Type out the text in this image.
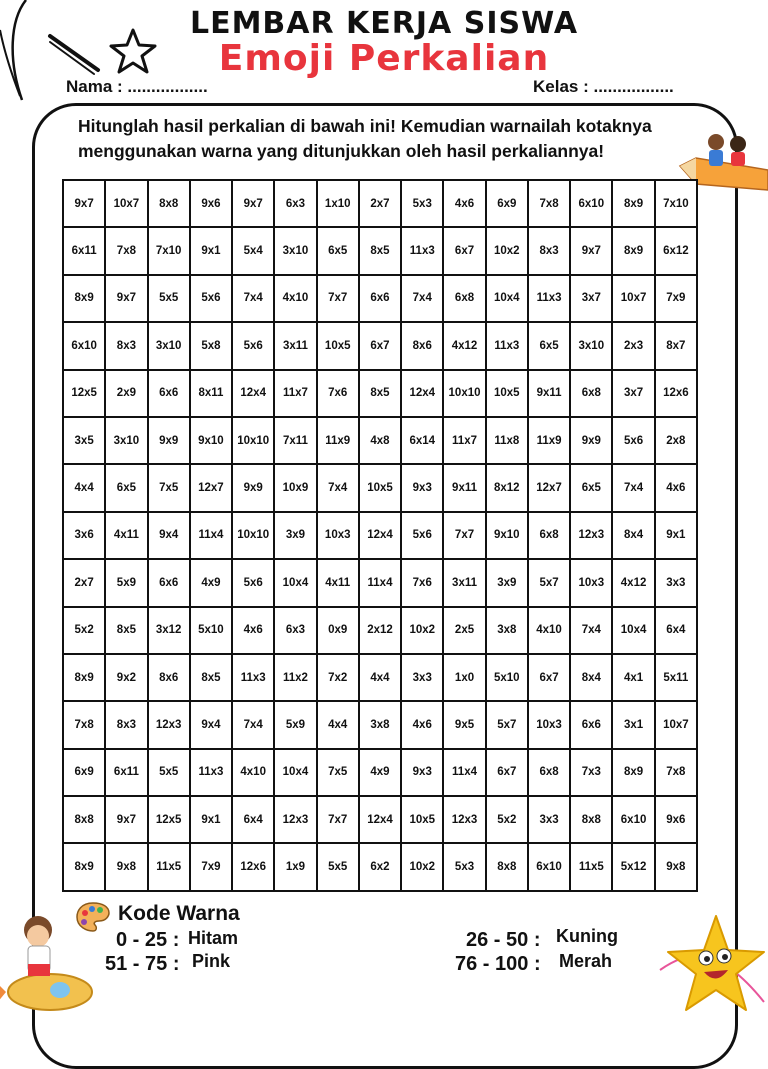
LEMBAR KERJA SISWA
Emoji Perkalian
Nama : .................	Kelas : .................
Hitunglah hasil perkalian di bawah ini! Kemudian warnailah kotaknya menggunakan warna yang ditunjukkan oleh hasil perkaliannya!
9x7	10x7	8x8	9x6	9x7	6x3	1x10	2x7	5x3	4x6	6x9	7x8	6x10	8x9	7x10
6x11	7x8	7x10	9x1	5x4	3x10	6x5	8x5	11x3	6x7	10x2	8x3	9x7	8x9	6x12
8x9	9x7	5x5	5x6	7x4	4x10	7x7	6x6	7x4	6x8	10x4	11x3	3x7	10x7	7x9
6x10	8x3	3x10	5x8	5x6	3x11	10x5	6x7	8x6	4x12	11x3	6x5	3x10	2x3	8x7
12x5	2x9	6x6	8x11	12x4	11x7	7x6	8x5	12x4	10x10	10x5	9x11	6x8	3x7	12x6
3x5	3x10	9x9	9x10	10x10	7x11	11x9	4x8	6x14	11x7	11x8	11x9	9x9	5x6	2x8
4x4	6x5	7x5	12x7	9x9	10x9	7x4	10x5	9x3	9x11	8x12	12x7	6x5	7x4	4x6
3x6	4x11	9x4	11x4	10x10	3x9	10x3	12x4	5x6	7x7	9x10	6x8	12x3	8x4	9x1
2x7	5x9	6x6	4x9	5x6	10x4	4x11	11x4	7x6	3x11	3x9	5x7	10x3	4x12	3x3
5x2	8x5	3x12	5x10	4x6	6x3	0x9	2x12	10x2	2x5	3x8	4x10	7x4	10x4	6x4
8x9	9x2	8x6	8x5	11x3	11x2	7x2	4x4	3x3	1x0	5x10	6x7	8x4	4x1	5x11
7x8	8x3	12x3	9x4	7x4	5x9	4x4	3x8	4x6	9x5	5x7	10x3	6x6	3x1	10x7
6x9	6x11	5x5	11x3	4x10	10x4	7x5	4x9	9x3	11x4	6x7	6x8	7x3	8x9	7x8
8x8	9x7	12x5	9x1	6x4	12x3	7x7	12x4	10x5	12x3	5x2	3x3	8x8	6x10	9x6
8x9	9x8	11x5	7x9	12x6	1x9	5x5	6x2	10x2	5x3	8x8	6x10	11x5	5x12	9x8
Kode Warna
0 - 25 : Hitam
51 - 75 : Pink
26 - 50 : Kuning
76 - 100 : Merah
